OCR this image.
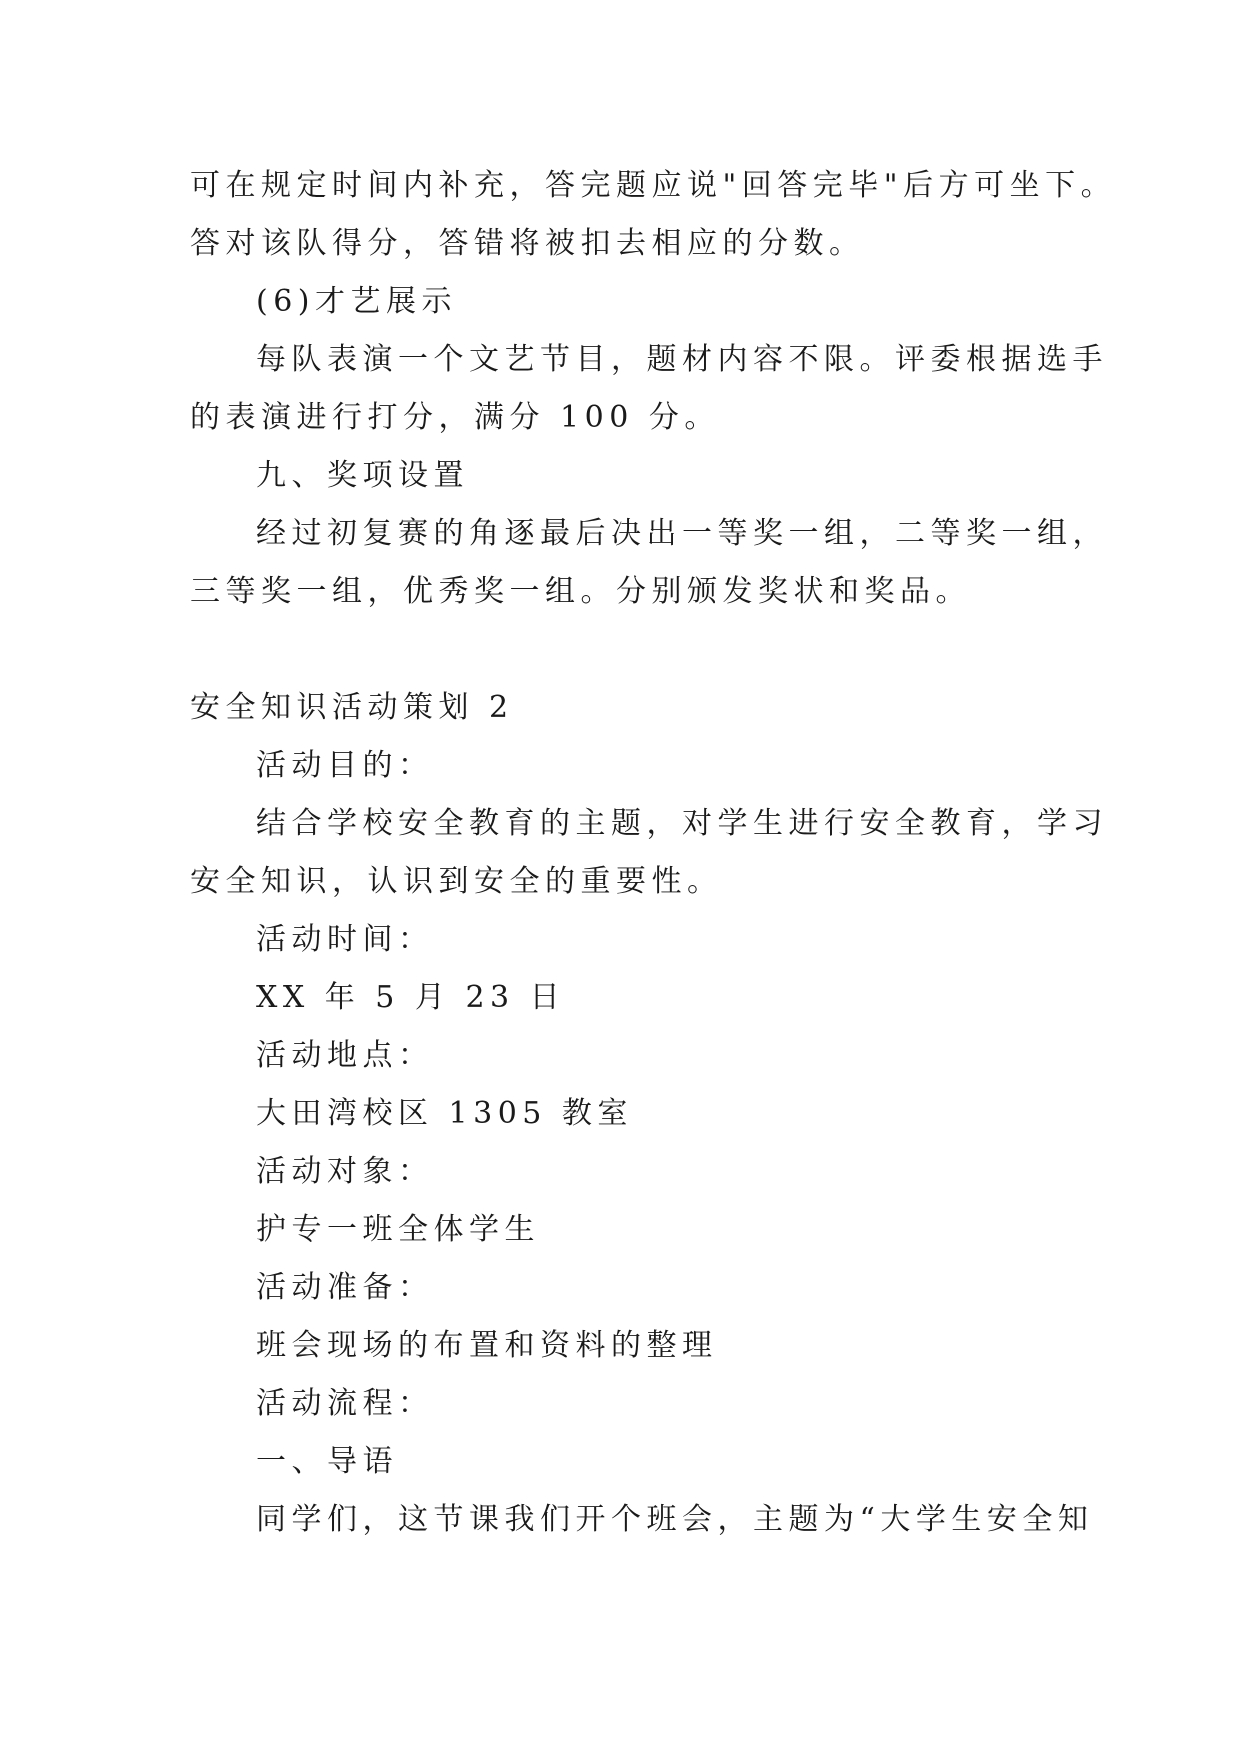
可在规定时间内补充，答完题应说"回答完毕"后方可坐下。
答对该队得分，答错将被扣去相应的分数。
(6)才艺展示
每队表演一个文艺节目，题材内容不限。评委根据选手
的表演进行打分，满分 100 分。
九、奖项设置
经过初复赛的角逐最后决出一等奖一组，二等奖一组，
三等奖一组，优秀奖一组。分别颁发奖状和奖品。
安全知识活动策划 2
活动目的：
结合学校安全教育的主题，对学生进行安全教育，学习
安全知识，认识到安全的重要性。
活动时间：
XX 年 5 月 23 日
活动地点：
大田湾校区 1305 教室
活动对象：
护专一班全体学生
活动准备：
班会现场的布置和资料的整理
活动流程：
一、导语
同学们，这节课我们开个班会，主题为“大学生安全知
